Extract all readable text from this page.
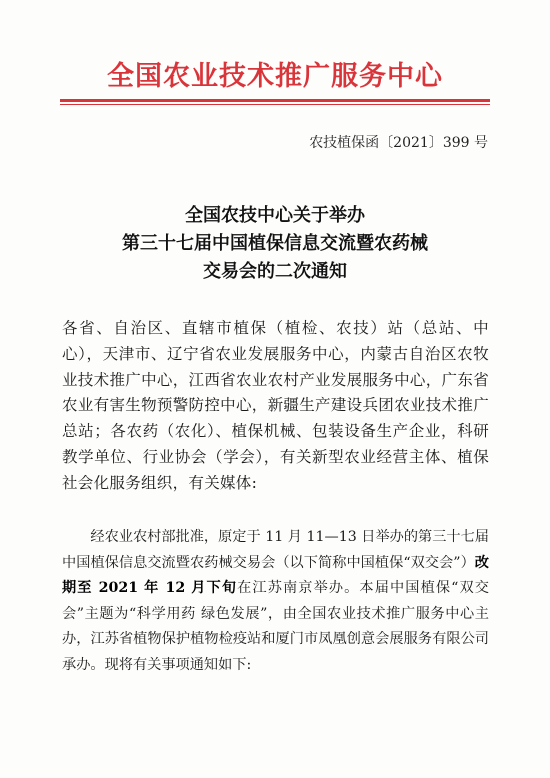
全国农业技术推广服务中心
农技植保函〔2021〕399 号
全国农技中心关于举办
第三十七届中国植保信息交流暨农药械
交易会的二次通知
各省、自治区、直辖市植保（植检、农技）站（总站、中心），天津市、辽宁省农业发展服务中心，内蒙古自治区农牧业技术推广中心，江西省农业农村产业发展服务中心，广东省农业有害生物预警防控中心，新疆生产建设兵团农业技术推广总站；各农药（农化）、植保机械、包装设备生产企业，科研教学单位、行业协会（学会），有关新型农业经营主体、植保社会化服务组织，有关媒体:
经农业农村部批准，原定于 11 月 11—13 日举办的第三十七届中国植保信息交流暨农药械交易会（以下简称中国植保“双交会”）改期至 2021 年 12 月下旬在江苏南京举办。本届中国植保“双交会”主题为“科学用药 绿色发展”，由全国农业技术推广服务中心主办，江苏省植物保护植物检疫站和厦门市凤凰创意会展服务有限公司承办。现将有关事项通知如下:
